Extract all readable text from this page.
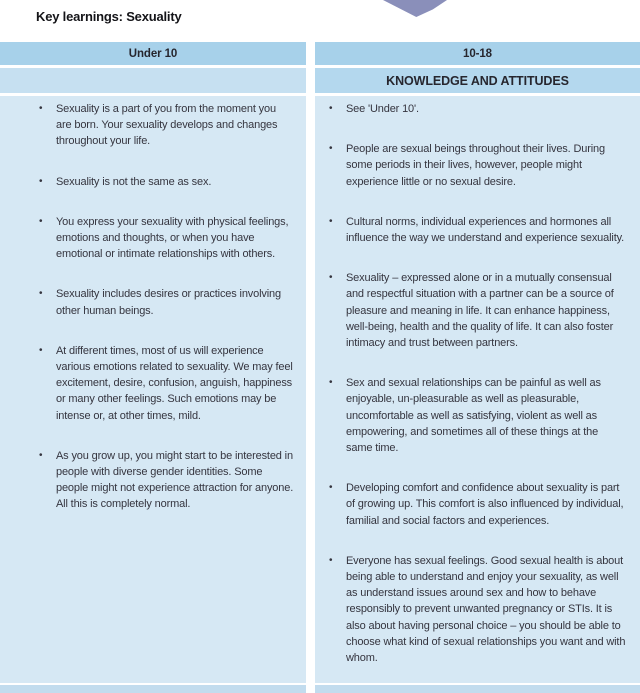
Key learnings: Sexuality
Under 10
•	Sexuality is a part of you from the moment you are born. Your sexuality develops and changes throughout your life.
•	Sexuality is not the same as sex.
•	You express your sexuality with physical feelings, emotions and thoughts, or when you have emotional or intimate relationships with others.
•	Sexuality includes desires or practices involving other human beings.
•	At different times, most of us will experience various emotions related to sexuality. We may feel excitement, desire, confusion, anguish, happiness or many other feelings. Such emotions may be intense or, at other times, mild.
•	As you grow up, you might start to be interested in people with diverse gender identities. Some people might not experience attraction for anyone. All this is completely normal.
10-18
KNOWLEDGE AND ATTITUDES
•	See 'Under 10'.
•	People are sexual beings throughout their lives. During some periods in their lives, however, people might experience little or no sexual desire.
•	Cultural norms, individual experiences and hormones all influence the way we understand and experience sexuality.
•	Sexuality – expressed alone or in a mutually consensual and respectful situation with a partner can be a source of pleasure and meaning in life. It can enhance happiness, well-being, health and the quality of life. It can also foster intimacy and trust between partners.
•	Sex and sexual relationships can be painful as well as enjoyable, un-pleasurable as well as pleasurable, uncomfortable as well as satisfying, violent as well as empowering, and sometimes all of these things at the same time.
•	Developing comfort and confidence about sexuality is part of growing up. This comfort is also influenced by individual, familial and social factors and experiences.
•	Everyone has sexual feelings. Good sexual health is about being able to understand and enjoy your sexuality, as well as understand issues around sex and how to behave responsibly to prevent unwanted pregnancy or STIs. It is also about having personal choice – you should be able to choose what kind of sexual relationships you want and with whom.
